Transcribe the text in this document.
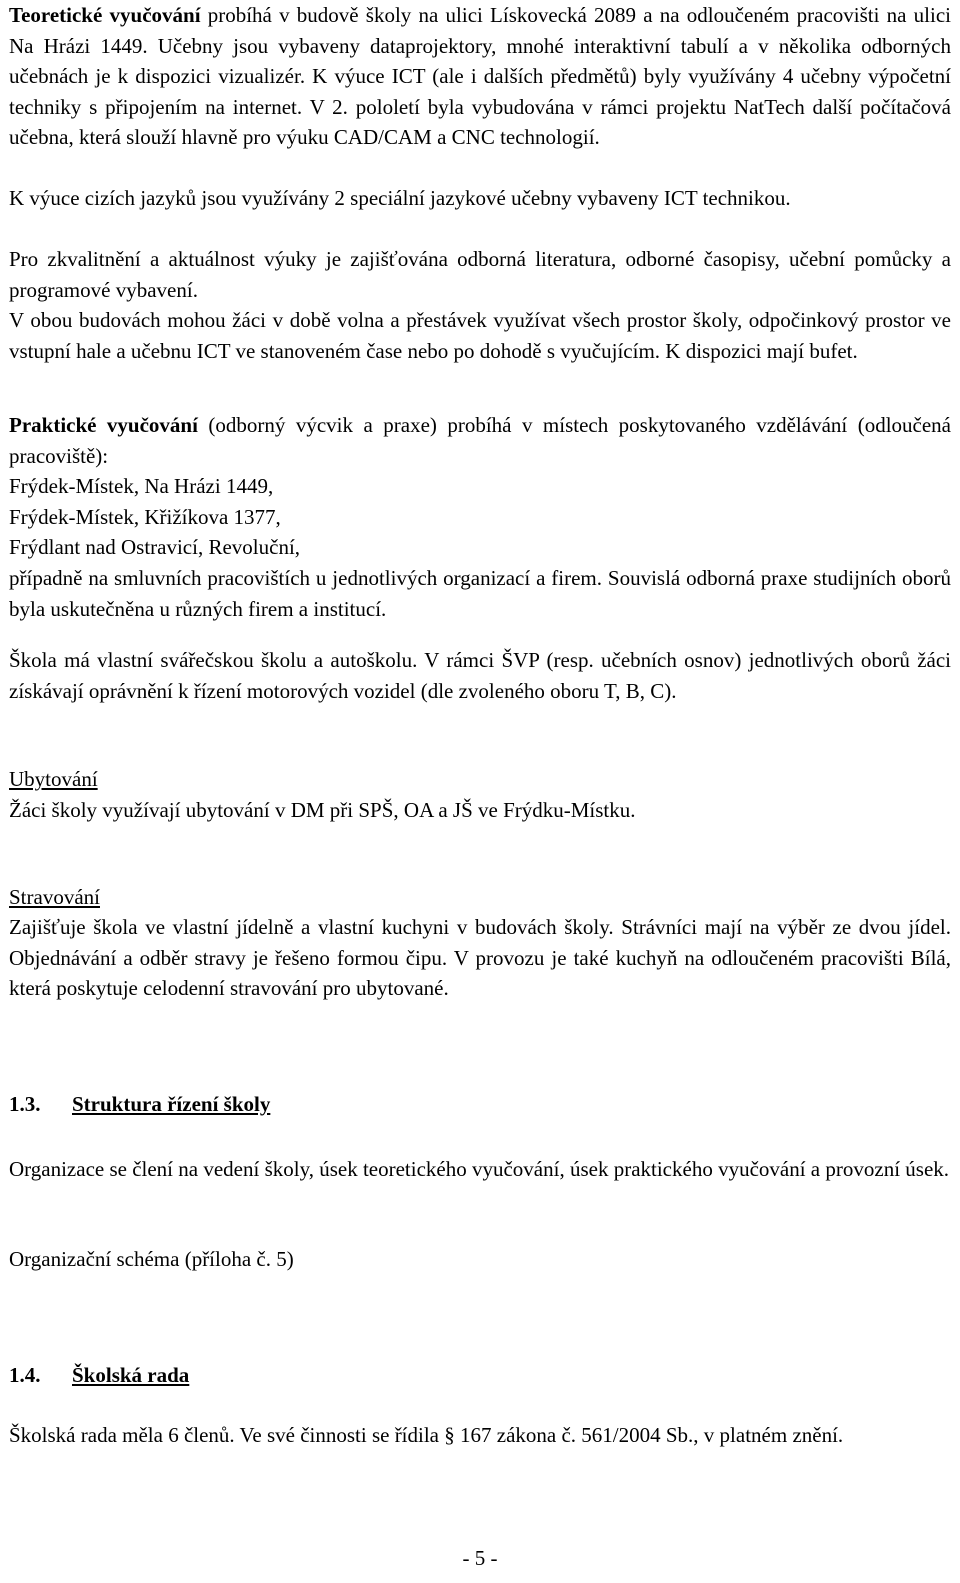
Teoretické vyučování probíhá v budově školy na ulici Lískovecká 2089 a na odloučeném pracovišti na ulici Na Hrázi 1449. Učebny jsou vybaveny dataprojektory, mnohé interaktivní tabulí a v několika odborných učebnách je k dispozici vizualizér. K výuce ICT (ale i dalších předmětů) byly využívány 4 učebny výpočetní techniky s připojením na internet. V 2. pololetí byla vybudována v rámci projektu NatTech další počítačová učebna, která slouží hlavně pro výuku CAD/CAM a CNC technologií.

K výuce cizích jazyků jsou využívány 2 speciální jazykové učebny vybaveny ICT technikou.

Pro zkvalitnění a aktuálnost výuky je zajišťována odborná literatura, odborné časopisy, učební pomůcky a programové vybavení.

V obou budovách mohou žáci v době volna a přestávek využívat všech prostor školy, odpočinkový prostor ve vstupní hale a učebnu ICT ve stanoveném čase nebo po dohodě s vyučujícím. K dispozici mají bufet.

Praktické vyučování (odborný výcvik a praxe) probíhá v místech poskytovaného vzdělávání (odloučená pracoviště):

Frýdek-Místek, Na Hrázi 1449,
Frýdek-Místek, Křižíkova 1377,
Frýdlant nad Ostravicí, Revoluční,

případně na smluvních pracovištích u jednotlivých organizací a firem. Souvislá odborná praxe studijních oborů byla uskutečněna u různých firem a institucí.

Škola má vlastní svářečskou školu a autoškolu. V rámci ŠVP (resp. učebních osnov) jednotlivých oborů žáci získávají oprávnění k řízení motorových vozidel (dle zvoleného oboru T, B, C).

Ubytování
Žáci školy využívají ubytování v DM při SPŠ, OA a JŠ ve Frýdku-Místku.

Stravování

Zajišťuje škola ve vlastní jídelně a vlastní kuchyni v budovách školy. Strávníci mají na výběr ze dvou jídel. Objednávání a odběr stravy je řešeno formou čipu. V provozu je také kuchyň na odloučeném pracovišti Bílá, která poskytuje celodenní stravování pro ubytované.

1.3. Struktura řízení školy

Organizace se člení na vedení školy, úsek teoretického vyučování, úsek praktického vyučování a provozní úsek.

Organizační schéma (příloha č. 5)

1.4. Školská rada

Školská rada měla 6 členů. Ve své činnosti se řídila § 167 zákona č. 561/2004 Sb., v platném znění.

- 5 -
